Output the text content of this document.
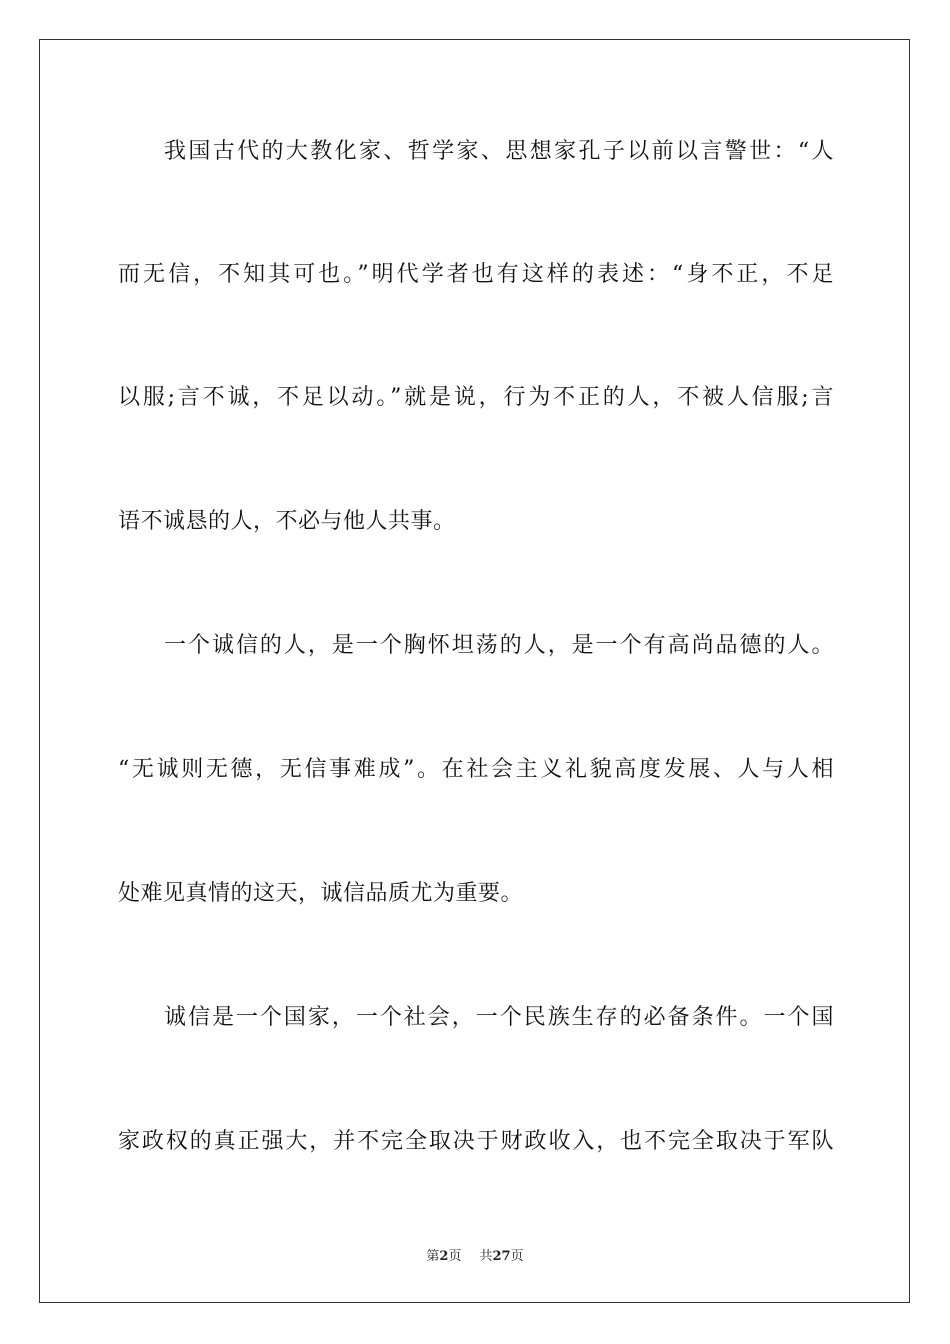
我国古代的大教化家、哲学家、思想家孔子以前以言警世：“人
而无信，不知其可也。”明代学者也有这样的表述：“身不正，不足
以服;言不诚，不足以动。”就是说，行为不正的人，不被人信服;言
语不诚恳的人，不必与他人共事。
一个诚信的人，是一个胸怀坦荡的人，是一个有高尚品德的人。
“无诚则无德，无信事难成”。在社会主义礼貌高度发展、人与人相
处难见真情的这天，诚信品质尤为重要。
诚信是一个国家，一个社会，一个民族生存的必备条件。一个国
家政权的真正强大，并不完全取决于财政收入，也不完全取决于军队
第2页 共27页
